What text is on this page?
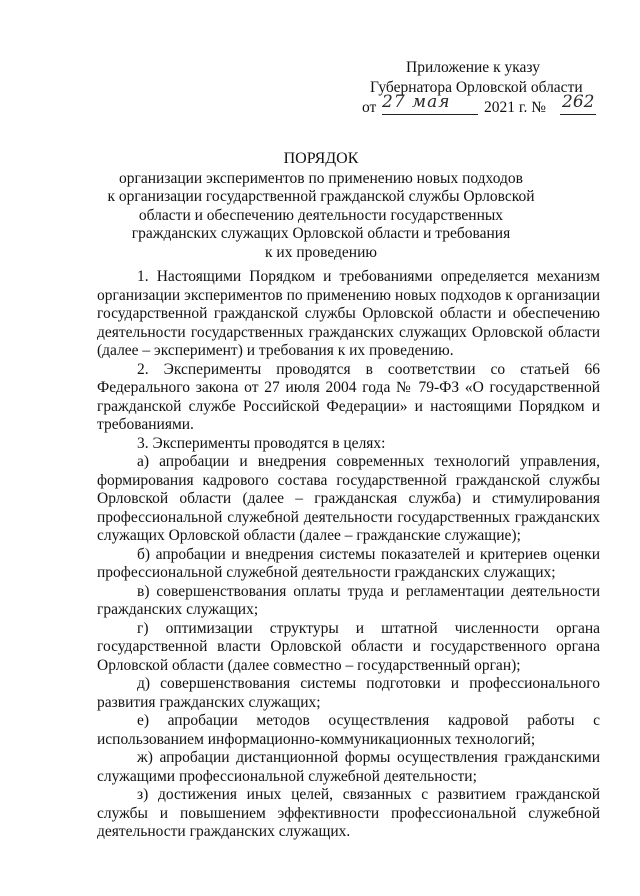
Приложение к указу
Губернатора Орловской области
от 27 мая 2021 г. № 262
ПОРЯДОК
организации экспериментов по применению новых подходов
к организации государственной гражданской службы Орловской
области и обеспечению деятельности государственных
гражданских служащих Орловской области и требования
к их проведению

1. Настоящими Порядком и требованиями определяется механизм организации экспериментов по применению новых подходов к организации государственной гражданской службы Орловской области и обеспечению деятельности государственных гражданских служащих Орловской области (далее – эксперимент) и требования к их проведению.

2. Эксперименты проводятся в соответствии со статьей 66 Федерального закона от 27 июля 2004 года № 79-ФЗ «О государственной гражданской службе Российской Федерации» и настоящими Порядком и требованиями.

3. Эксперименты проводятся в целях:

а) апробации и внедрения современных технологий управления, формирования кадрового состава государственной гражданской службы Орловской области (далее – гражданская служба) и стимулирования профессиональной служебной деятельности государственных гражданских служащих Орловской области (далее – гражданские служащие);

б) апробации и внедрения системы показателей и критериев оценки профессиональной служебной деятельности гражданских служащих;

в) совершенствования оплаты труда и регламентации деятельности гражданских служащих;

г) оптимизации структуры и штатной численности органа государственной власти Орловской области и государственного органа Орловской области (далее совместно – государственный орган);

д) совершенствования системы подготовки и профессионального развития гражданских служащих;

е) апробации методов осуществления кадровой работы с использованием информационно-коммуникационных технологий;

ж) апробации дистанционной формы осуществления гражданскими служащими профессиональной служебной деятельности;

з) достижения иных целей, связанных с развитием гражданской службы и повышением эффективности профессиональной служебной деятельности гражданских служащих.
